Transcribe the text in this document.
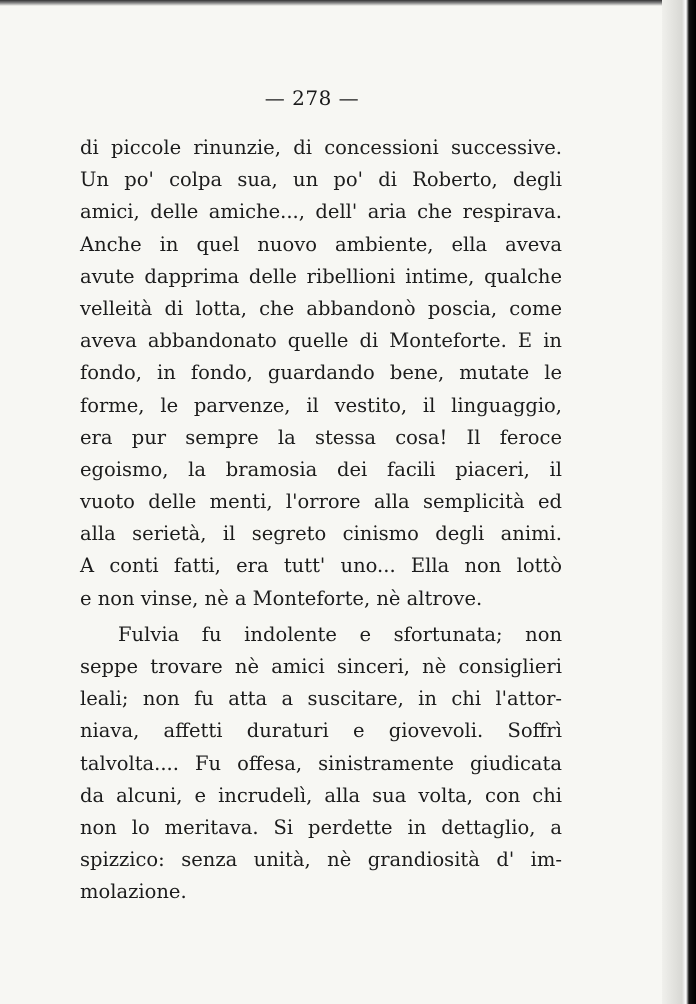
— 278 —
di piccole rinunzie, di concessioni successive.
Un po' colpa sua, un po' di Roberto, degli
amici, delle amiche..., dell' aria che respirava.
Anche in quel nuovo ambiente, ella aveva
avute dapprima delle ribellioni intime, qualche
velleità di lotta, che abbandonò poscia, come
aveva abbandonato quelle di Monteforte. E in
fondo, in fondo, guardando bene, mutate le
forme, le parvenze, il vestito, il linguaggio,
era pur sempre la stessa cosa! Il feroce
egoismo, la bramosia dei facili piaceri, il
vuoto delle menti, l'orrore alla semplicità ed
alla serietà, il segreto cinismo degli animi.
A conti fatti, era tutt' uno... Ella non lottò
e non vinse, nè a Monteforte, nè altrove.
Fulvia fu indolente e sfortunata; non
seppe trovare nè amici sinceri, nè consiglieri
leali; non fu atta a suscitare, in chi l'attor-
niava, affetti duraturi e giovevoli. Soffrì
talvolta.... Fu offesa, sinistramente giudicata
da alcuni, e incrudelì, alla sua volta, con chi
non lo meritava. Si perdette in dettaglio, a
spizzico: senza unità, nè grandiosità d' im-
molazione.
